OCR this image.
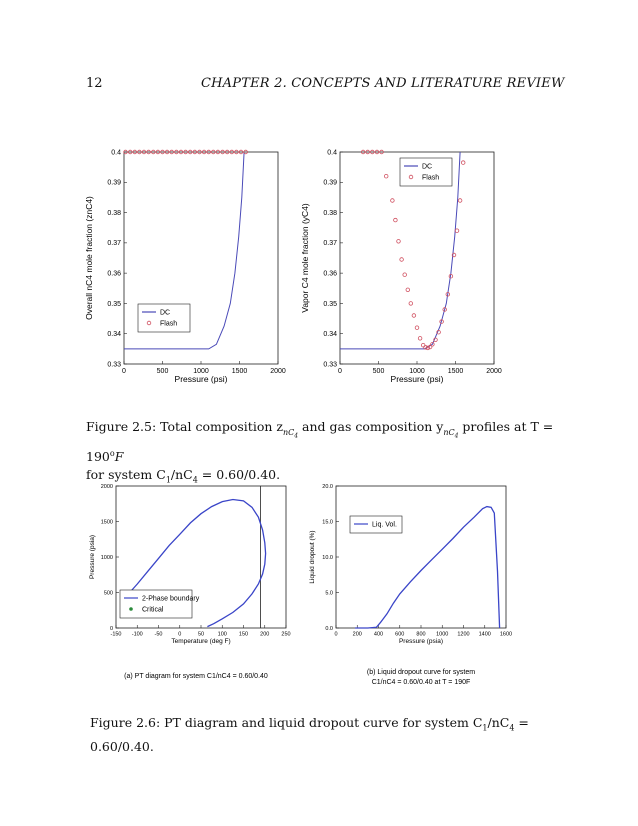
12	CHAPTER 2. CONCEPTS AND LITERATURE REVIEW
0	500	1000	1500	2000
0.33
0.34
0.35
0.36
0.37
0.38
0.39
0.4
Pressure (psi)
Overall nC4 mole fraction (znC4)	DC
Flash
0	500	1000	1500	2000
0.33
0.34
0.35
0.36
0.37
0.38
0.39
0.4
Pressure (psi)
Vapor C4 mole fraction (yC4)
DC
Flash
Figure 2.5: Total composition $z_{nC_4}$ and gas composition $y_{nC_4}$ profiles at $T = 190^oF$
for system $C_1/nC_4 = 0.60/0.40$.
-150 -100 -50	0	50 100 150 200 250
0
500
1000
1500
2000
Temperature (deg F)
Pressure (psia)
2-Phase boundary
Critical
(a) PT diagram for system C1/nC4 = 0.60/0.40
0	200 400 600 800 1000 1200 1400 1600
0.0
5.0
10.0
15.0
20.0
Pressure (psia)
Liquid dropout (%)
Liq. Vol.
(b) Liquid dropout curve for system
C1/nC4 = 0.60/0.40 at T = 190F
Figure 2.6: PT diagram and liquid dropout curve for system $C_1/nC_4 = 0.60/0.40$.
